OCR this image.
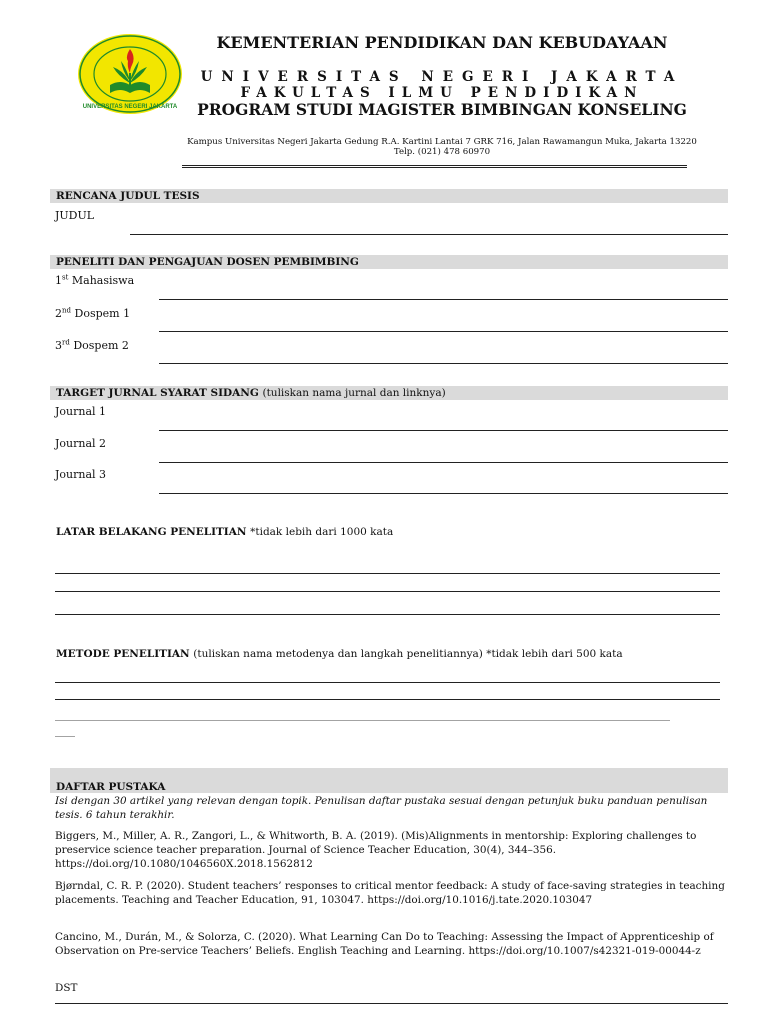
UNIVERSITAS NEGERI JAKARTA
KEMENTERIAN PENDIDIKAN DAN KEBUDAYAAN
UNIVERSITAS NEGERI JAKARTA
FAKULTAS ILMU PENDIDIKAN
PROGRAM STUDI MAGISTER BIMBINGAN KONSELING
Kampus Universitas Negeri Jakarta Gedung R.A. Kartini Lantai 7 GRK 716, Jalan Rawamangun Muka, Jakarta 13220
Telp. (021) 478 60970
RENCANA JUDUL TESIS
JUDUL
PENELITI DAN PENGAJUAN DOSEN PEMBIMBING
1st Mahasiswa
2nd Dospem 1
3rd Dospem 2
TARGET JURNAL SYARAT SIDANG (tuliskan nama jurnal dan linknya)
Journal 1
Journal 2
Journal 3
LATAR BELAKANG PENELITIAN *tidak lebih dari 1000 kata
METODE PENELITIAN (tuliskan nama metodenya dan langkah penelitiannya) *tidak lebih dari 500 kata
___________________________________________________________________________________________________________________________
____
DAFTAR PUSTAKA
Isi dengan 30 artikel yang relevan dengan topik. Penulisan daftar pustaka sesuai dengan petunjuk buku panduan penulisan tesis. 6 tahun terakhir.
Biggers, M., Miller, A. R., Zangori, L., & Whitworth, B. A. (2019). (Mis)Alignments in mentorship: Exploring challenges to preservice science teacher preparation. Journal of Science Teacher Education, 30(4), 344–356. https://doi.org/10.1080/1046560X.2018.1562812
Bjørndal, C. R. P. (2020). Student teachers’ responses to critical mentor feedback: A study of face-saving strategies in teaching placements. Teaching and Teacher Education, 91, 103047. https://doi.org/10.1016/j.tate.2020.103047
Cancino, M., Durán, M., & Solorza, C. (2020). What Learning Can Do to Teaching: Assessing the Impact of Apprenticeship of Observation on Pre-service Teachers’ Beliefs. English Teaching and Learning. https://doi.org/10.1007/s42321-019-00044-z
DST
